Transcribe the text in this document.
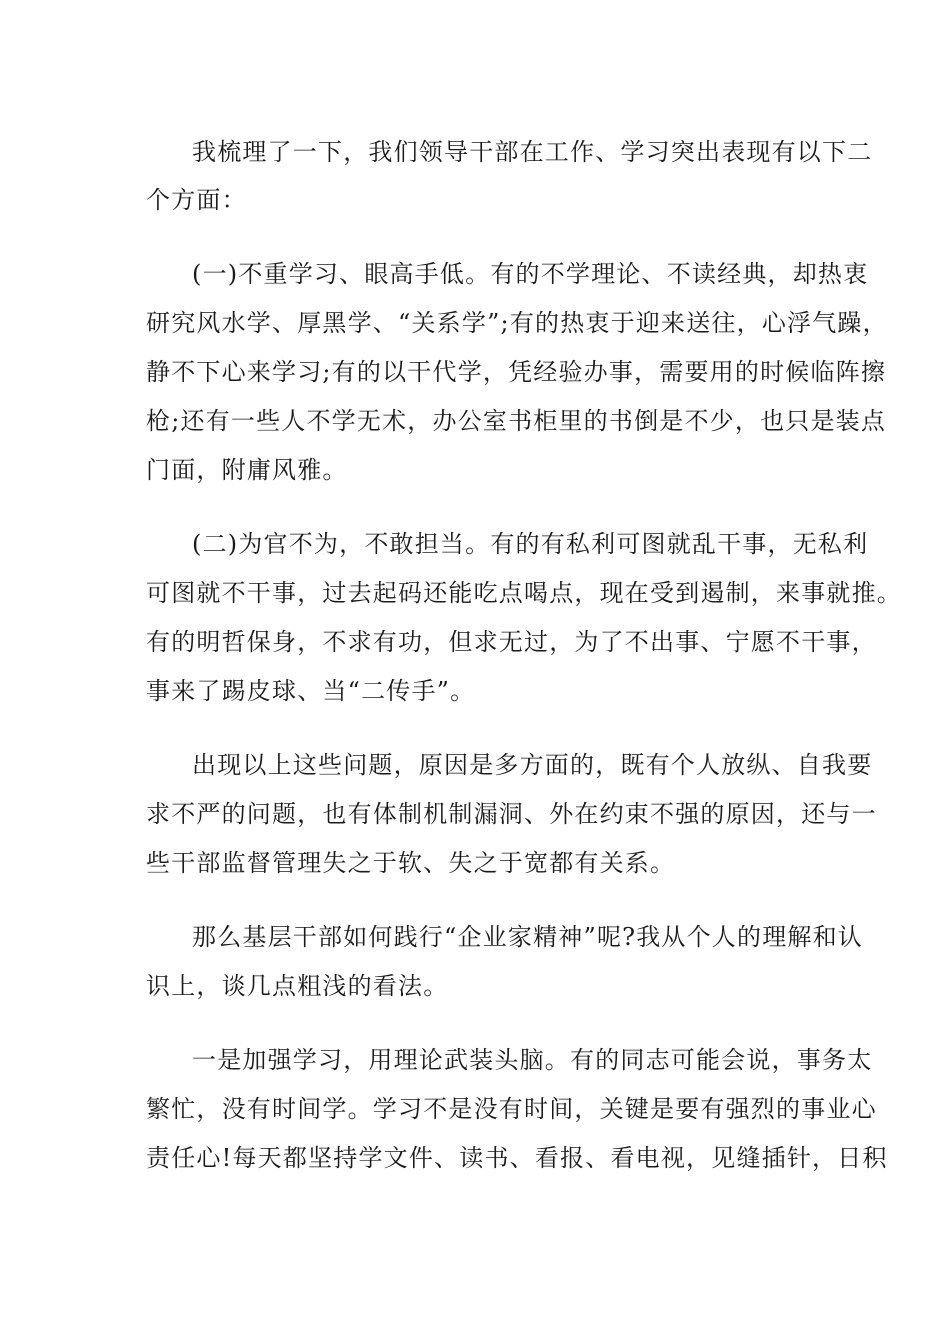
我梳理了一下，我们领导干部在工作、学习突出表现有以下二
个方面：
(一)不重学习、眼高手低。有的不学理论、不读经典，却热衷
研究风水学、厚黑学、“关系学”;有的热衷于迎来送往，心浮气躁，
静不下心来学习;有的以干代学，凭经验办事，需要用的时候临阵擦
枪;还有一些人不学无术，办公室书柜里的书倒是不少，也只是装点
门面，附庸风雅。
(二)为官不为，不敢担当。有的有私利可图就乱干事，无私利
可图就不干事，过去起码还能吃点喝点，现在受到遏制，来事就推。
有的明哲保身，不求有功，但求无过，为了不出事、宁愿不干事，
事来了踢皮球、当“二传手”。
出现以上这些问题，原因是多方面的，既有个人放纵、自我要
求不严的问题，也有体制机制漏洞、外在约束不强的原因，还与一
些干部监督管理失之于软、失之于宽都有关系。
那么基层干部如何践行“企业家精神”呢?我从个人的理解和认
识上，谈几点粗浅的看法。
一是加强学习，用理论武装头脑。有的同志可能会说，事务太
繁忙，没有时间学。学习不是没有时间，关键是要有强烈的事业心
责任心!每天都坚持学文件、读书、看报、看电视，见缝插针，日积
